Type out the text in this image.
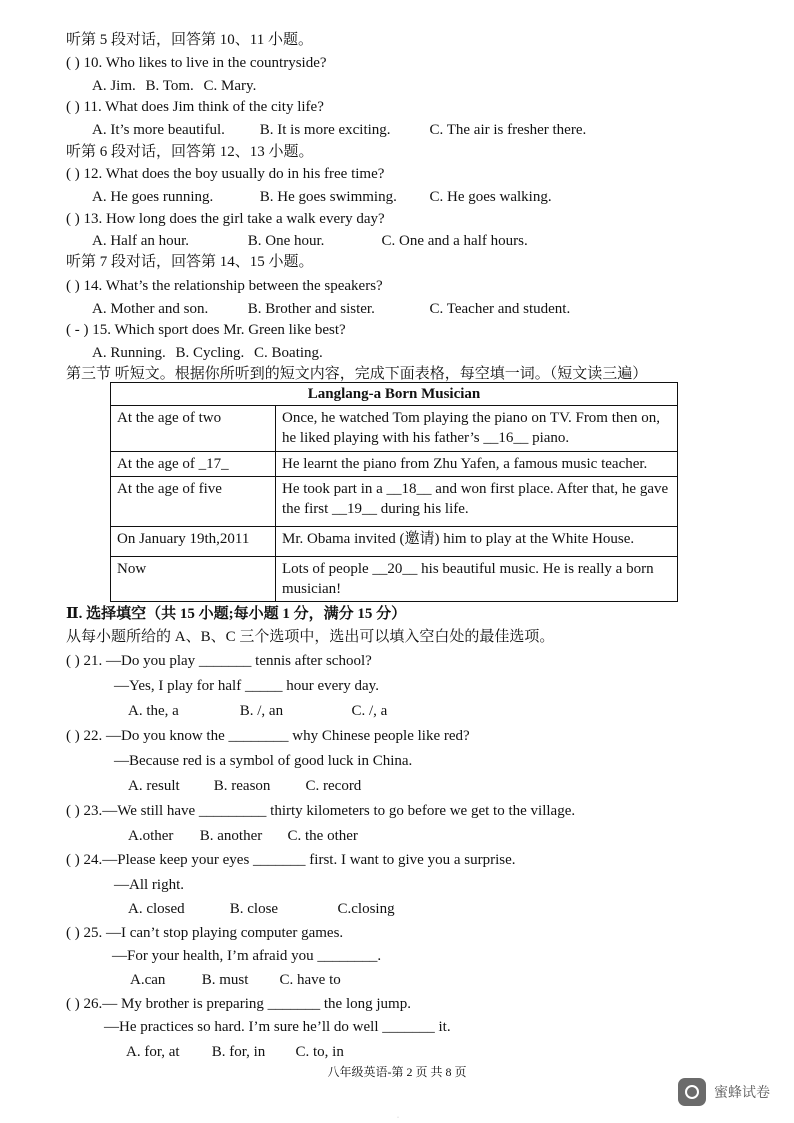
听第 5 段对话，回答第 10、11 小题。
( ) 10. Who likes to live in the countryside?
A. Jim. B. Tom. C. Mary.
( ) 11. What does Jim think of the city life?
A. It’s more beautiful. B. It is more exciting.	C. The air is fresher there.
听第 6 段对话，回答第 12、13 小题。
( ) 12. What does the boy usually do in his free time?
A. He goes running.	B. He goes swimming. C. He goes walking.
( ) 13. How long does the girl take a walk every day?
A. Half an hour.	B. One hour.	C. One and a half hours.
听第 7 段对话，回答第 14、15 小题。
( ) 14. What’s the relationship between the speakers?
A. Mother and son.	B. Brother and sister.	C. Teacher and student.
( - ) 15. Which sport does Mr. Green like best?
A. Running. B. Cycling. C. Boating.
第三节 听短文。根据你所听到的短文内容，完成下面表格，每空填一词。（短文读三遍）
Langlang-a Born Musician	
At the age of two	Once, he watched Tom playing the piano on TV. From then on, he liked playing with his father’s __16__ piano.
At the age of _17_	He learnt the piano from Zhu Yafen, a famous music teacher.
At the age of five	He took part in a __18__ and won first place. After that, he gave the first __19__ during his life.
On January 19th,2011	Mr. Obama invited (邀请) him to play at the White House.
Now	Lots of people __20__ his beautiful music. He is really a born musician!
Ⅱ. 选择填空（共 15 小题;每小题 1 分，满分 15 分）
从每小题所给的 A、B、C 三个选项中，选出可以填入空白处的最佳选项。
( ) 21. —Do you play _______ tennis after school?
—Yes, I play for half _____ hour every day.
A. the, a	B. /, an	C. /, a
( ) 22. —Do you know the ________ why Chinese people like red?
—Because red is a symbol of good luck in China.
A. result B. reason C. record
( ) 23.—We still have _________ thirty kilometers to go before we get to the village.
A.other B. another C. the other
( ) 24.—Please keep your eyes _______ first. I want to give you a surprise.
—All right.
A. closed	B. close	C.closing
( ) 25. —I can’t stop playing computer games.
—For your health, I’m afraid you ________.
A.can B. must C. have to
( ) 26.— My brother is preparing _______ the long jump.
—He practices so hard. I’m sure he’ll do well _______ it.
A. for, at B. for, in C. to, in
八年级英语-第 2 页 共 8 页
蜜蜂试卷
·
